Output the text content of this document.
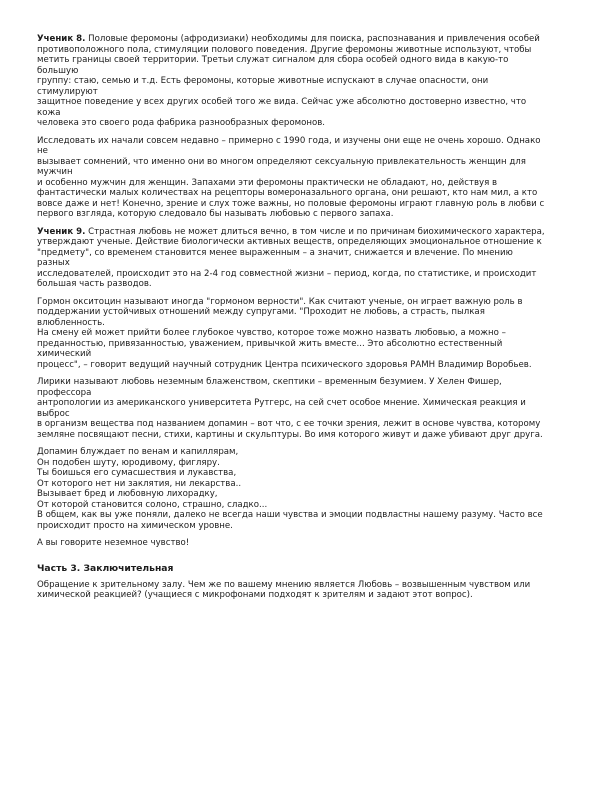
Ученик 8. Половые феромоны (афродизиаки) необходимы для поиска, распознавания и привлечения особей
противоположного пола, стимуляции полового поведения. Другие феромоны животные используют, чтобы
метить границы своей территории. Третьи служат сигналом для сбора особей одного вида в какую-то большую
группу: стаю, семью и т.д. Есть феромоны, которые животные испускают в случае опасности, они стимулируют
защитное поведение у всех других особей того же вида. Сейчас уже абсолютно достоверно известно, что кожа
человека это своего рода фабрика разнообразных феромонов.

Исследовать их начали совсем недавно – примерно с 1990 года, и изучены они еще не очень хорошо. Однако не
вызывает сомнений, что именно они во многом определяют сексуальную привлекательность женщин для мужчин
и особенно мужчин для женщин. Запахами эти феромоны практически не обладают, но, действуя в
фантастически малых количествах на рецепторы вомероназального органа, они решают, кто нам мил, а кто
вовсе даже и нет! Конечно, зрение и слух тоже важны, но половые феромоны играют главную роль в любви с
первого взгляда, которую следовало бы называть любовью с первого запаха.

Ученик 9. Страстная любовь не может длиться вечно, в том числе и по причинам биохимического характера,
утверждают ученые. Действие биологически активных веществ, определяющих эмоциональное отношение к
"предмету", со временем становится менее выраженным – а значит, снижается и влечение. По мнению разных
исследователей, происходит это на 2-4 год совместной жизни – период, когда, по статистике, и происходит
большая часть разводов.

Гормон окситоцин называют иногда "гормоном верности". Как считают ученые, он играет важную роль в
поддержании устойчивых отношений между супругами. "Проходит не любовь, а страсть, пылкая влюбленность.
На смену ей может прийти более глубокое чувство, которое тоже можно назвать любовью, а можно –
преданностью, привязанностью, уважением, привычкой жить вместе... Это абсолютно естественный химический
процесс", – говорит ведущий научный сотрудник Центра психического здоровья РАМН Владимир Воробьев.

Лирики называют любовь неземным блаженством, скептики – временным безумием. У Хелен Фишер, профессора
антропологии из американского университета Рутгерс, на сей счет особое мнение. Химическая реакция и выброс
в организм вещества под названием допамин – вот что, с ее точки зрения, лежит в основе чувства, которому
земляне посвящают песни, стихи, картины и скульптуры. Во имя которого живут и даже убивают друг друга.

Допамин блуждает по венам и капиллярам,
Он подобен шуту, юродивому, фигляру.
Ты боишься его сумасшествия и лукавства,
От которого нет ни заклятия, ни лекарства..
Вызывает бред и любовную лихорадку,
От которой становится солоно, страшно, сладко...
В общем, как вы уже поняли, далеко не всегда наши чувства и эмоции подвластны нашему разуму. Часто все
происходит просто на химическом уровне.

А вы говорите неземное чувство!

Часть 3. Заключительная

Обращение к зрительному залу. Чем же по вашему мнению является Любовь – возвышенным чувством или
химической реакцией? (учащиеся с микрофонами подходят к зрителям и задают этот вопрос).
